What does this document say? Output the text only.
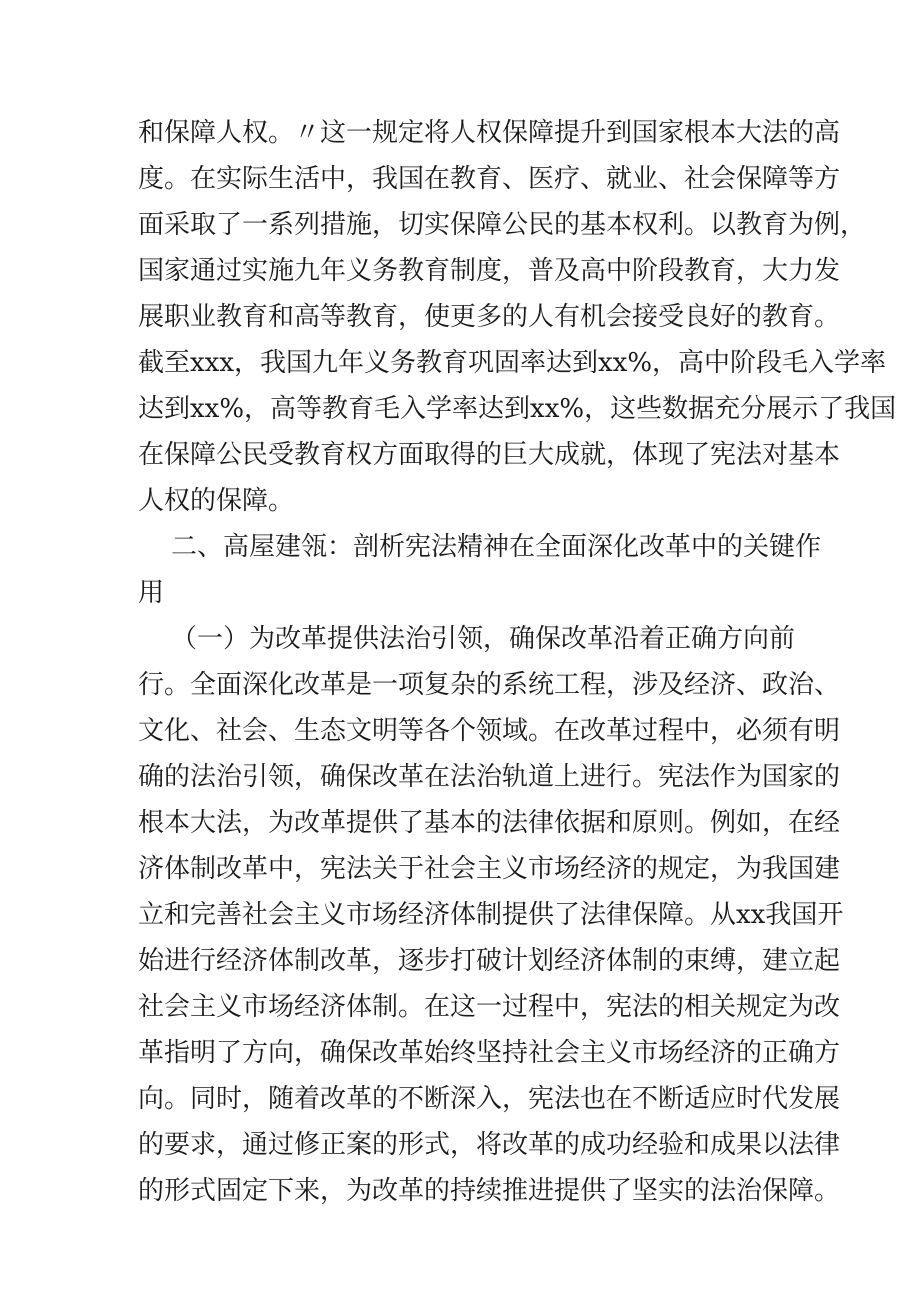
和保障人权。〃这一规定将人权保障提升到国家根本大法的高
度。在实际生活中，我国在教育、医疗、就业、社会保障等方
面采取了一系列措施，切实保障公民的基本权利。以教育为例，
国家通过实施九年义务教育制度，普及高中阶段教育，大力发
展职业教育和高等教育，使更多的人有机会接受良好的教育。
截至xxx，我国九年义务教育巩固率达到xx%，高中阶段毛入学率
达到xx%，高等教育毛入学率达到xx%，这些数据充分展示了我国
在保障公民受教育权方面取得的巨大成就，体现了宪法对基本
人权的保障。
二、高屋建瓴：剖析宪法精神在全面深化改革中的关键作
用
（一）为改革提供法治引领，确保改革沿着正确方向前
行。全面深化改革是一项复杂的系统工程，涉及经济、政治、
文化、社会、生态文明等各个领域。在改革过程中，必须有明
确的法治引领，确保改革在法治轨道上进行。宪法作为国家的
根本大法，为改革提供了基本的法律依据和原则。例如，在经
济体制改革中，宪法关于社会主义市场经济的规定，为我国建
立和完善社会主义市场经济体制提供了法律保障。从xx我国开
始进行经济体制改革，逐步打破计划经济体制的束缚，建立起
社会主义市场经济体制。在这一过程中，宪法的相关规定为改
革指明了方向，确保改革始终坚持社会主义市场经济的正确方
向。同时，随着改革的不断深入，宪法也在不断适应时代发展
的要求，通过修正案的形式，将改革的成功经验和成果以法律
的形式固定下来，为改革的持续推进提供了坚实的法治保障。
